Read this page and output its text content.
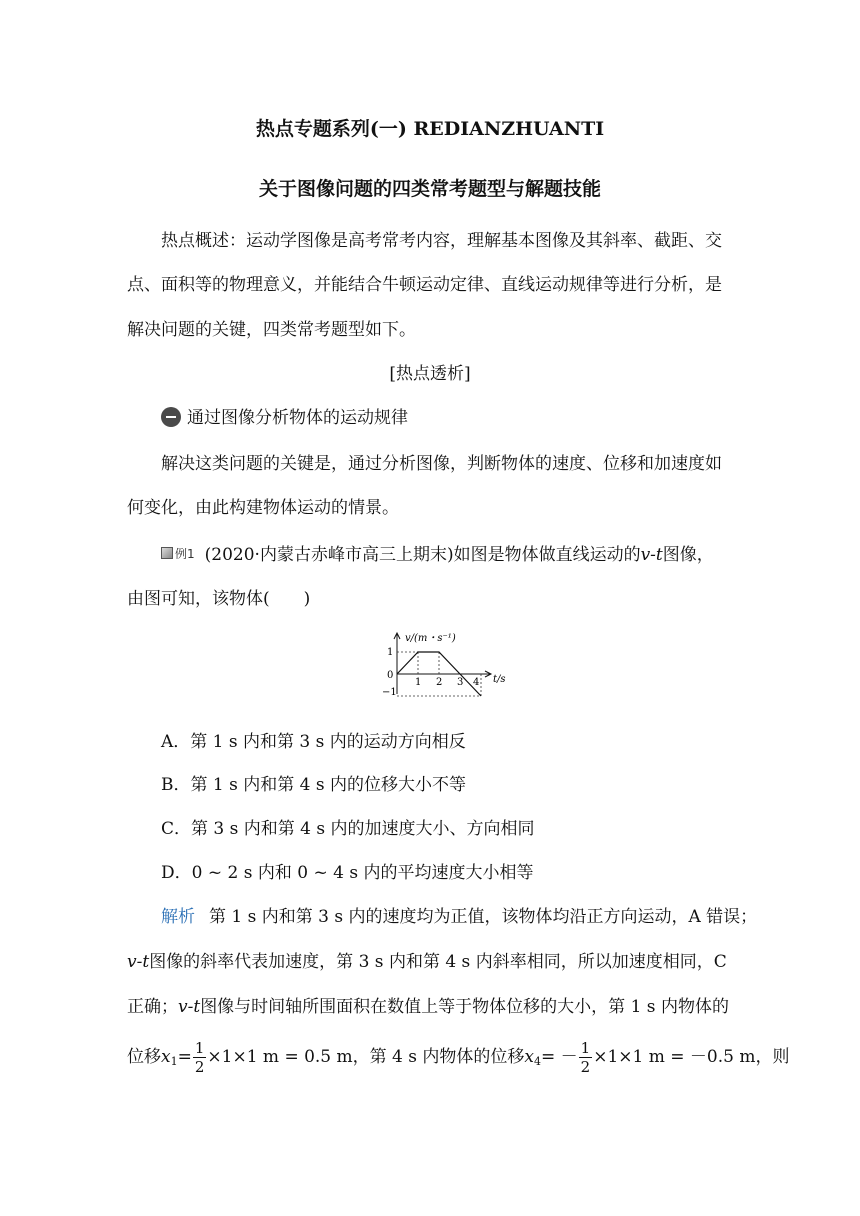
热点专题系列(一) REDIANZHUANTI
关于图像问题的四类常考题型与解题技能
热点概述：运动学图像是高考常考内容，理解基本图像及其斜率、截距、交
点、面积等的物理意义，并能结合牛顿运动定律、直线运动规律等进行分析，是
解决问题的关键，四类常考题型如下。
[热点透析]
通过图像分析物体的运动规律
解决这类问题的关键是，通过分析图像，判断物体的速度、位移和加速度如
何变化，由此构建物体运动的情景。
例1 (2020·内蒙古赤峰市高三上期末)如图是物体做直线运动的v-t图像，
由图可知，该物体(　　)
v/(m・s⁻¹)
1
0
−1
t/s
1 2 3 4
A．第 1 s 内和第 3 s 内的运动方向相反
B．第 1 s 内和第 4 s 内的位移大小不等
C．第 3 s 内和第 4 s 内的加速度大小、方向相同
D．0 ~ 2 s 内和 0 ~ 4 s 内的平均速度大小相等
解析 第 1 s 内和第 3 s 内的速度均为正值，该物体均沿正方向运动，A 错误；
v-t图像的斜率代表加速度，第 3 s 内和第 4 s 内斜率相同，所以加速度相同，C
正确；v-t图像与时间轴所围面积在数值上等于物体位移的大小，第 1 s 内物体的
位移$x_1= \frac{1}{2} \times 1\times 1$ m = 0.5 m，第 4 s 内物体的位移$x_4= - \frac{1}{2} \times 1\times 1$ m = －0.5 m，则
